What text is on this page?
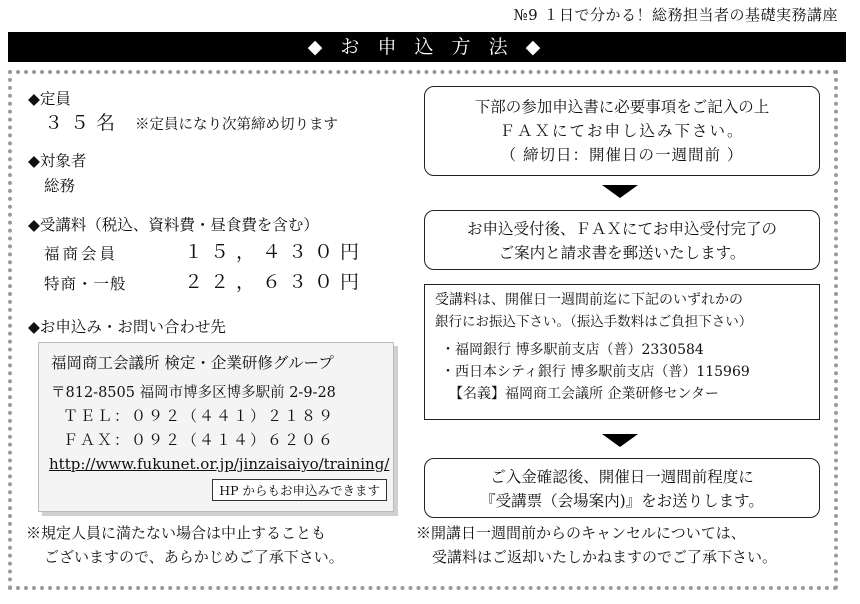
№9 １日で分かる！総務担当者の基礎実務講座
◆ お 申 込 方 法 ◆
◆定員
３５名 ※定員になり次第締め切ります
◆対象者
総務
◆受講料（税込、資料費・昼食費を含む）
福商会員	１５，４３０円
特商・一般	２２，６３０円
◆お申込み・お問い合わせ先
福岡商工会議所 検定・企業研修グループ
〒812-8505 福岡市博多区博多駅前 2-9-28
ＴＥＬ：０９２（４４１）２１８９
ＦＡＸ：０９２（４１４）６２０６
http://www.fukunet.or.jp/jinzaisaiyo/training/
HP からもお申込みできます
※規定人員に満たない場合は中止することも
ございますので、あらかじめご了承下さい。
下部の参加申込書に必要事項をご記入の上
ＦＡＸにてお申し込み下さい。
（ 締切日：開催日の一週間前 ）
お申込受付後、ＦＡＸにてお申込受付完了の
ご案内と請求書を郵送いたします。
受講料は、開催日一週間前迄に下記のいずれかの
銀行にお振込下さい。（振込手数料はご負担下さい）
・福岡銀行 博多駅前支店（普）2330584
・西日本シティ銀行 博多駅前支店（普）115969
【名義】福岡商工会議所 企業研修センター
ご入金確認後、開催日一週間前程度に
『受講票（会場案内)』をお送りします。
※開講日一週間前からのキャンセルについては、
受講料はご返却いたしかねますのでご了承下さい。
